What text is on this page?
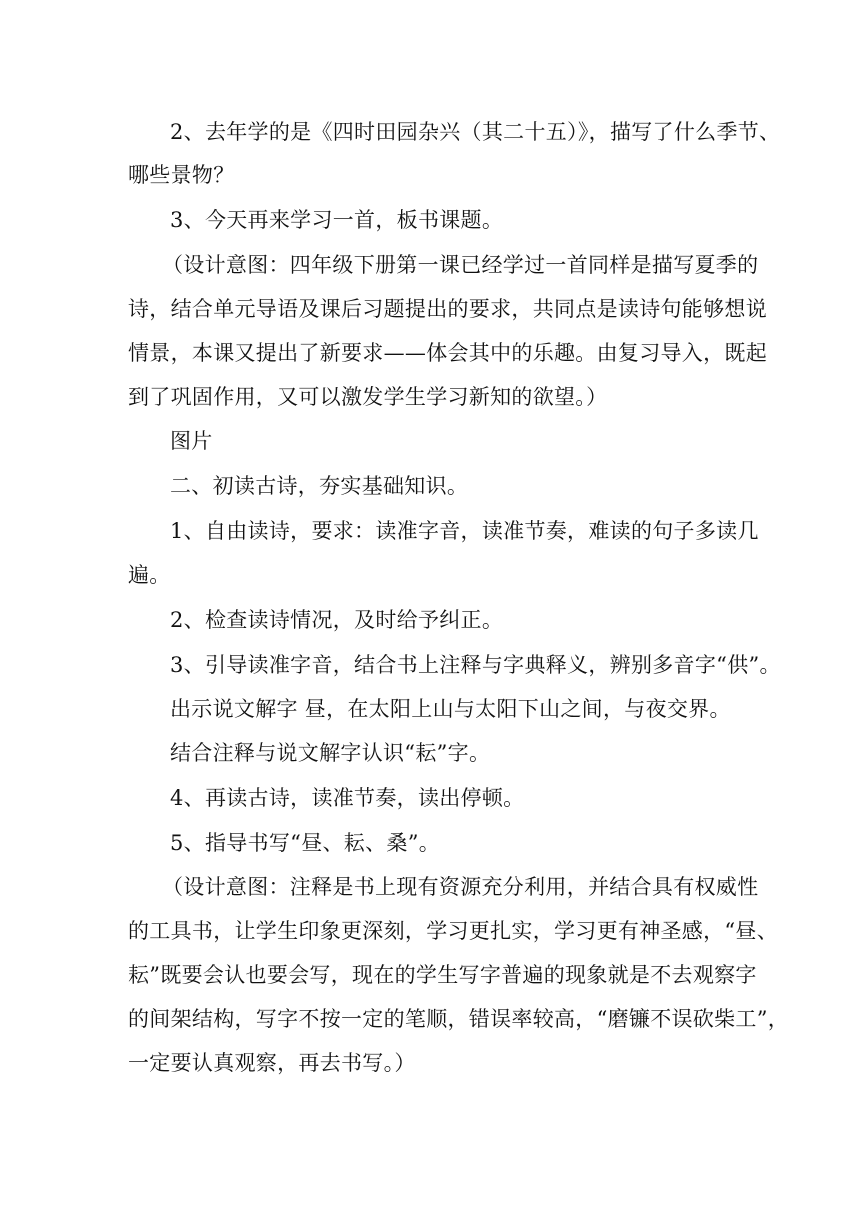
2、去年学的是《四时田园杂兴（其二十五）》，描写了什么季节、
哪些景物？
3、今天再来学习一首，板书课题。
（设计意图：四年级下册第一课已经学过一首同样是描写夏季的
诗，结合单元导语及课后习题提出的要求，共同点是读诗句能够想说
情景，本课又提出了新要求——体会其中的乐趣。由复习导入，既起
到了巩固作用，又可以激发学生学习新知的欲望。）
图片
二、初读古诗，夯实基础知识。
1、自由读诗，要求：读准字音，读准节奏，难读的句子多读几
遍。
2、检查读诗情况，及时给予纠正。
3、引导读准字音，结合书上注释与字典释义，辨别多音字“供”。
出示说文解字 昼，在太阳上山与太阳下山之间，与夜交界。
结合注释与说文解字认识“耘”字。
4、再读古诗，读准节奏，读出停顿。
5、指导书写“昼、耘、桑”。
（设计意图：注释是书上现有资源充分利用，并结合具有权威性
的工具书，让学生印象更深刻，学习更扎实，学习更有神圣感，“昼、
耘”既要会认也要会写，现在的学生写字普遍的现象就是不去观察字
的间架结构，写字不按一定的笔顺，错误率较高，“磨镰不误砍柴工”，
一定要认真观察，再去书写。）
